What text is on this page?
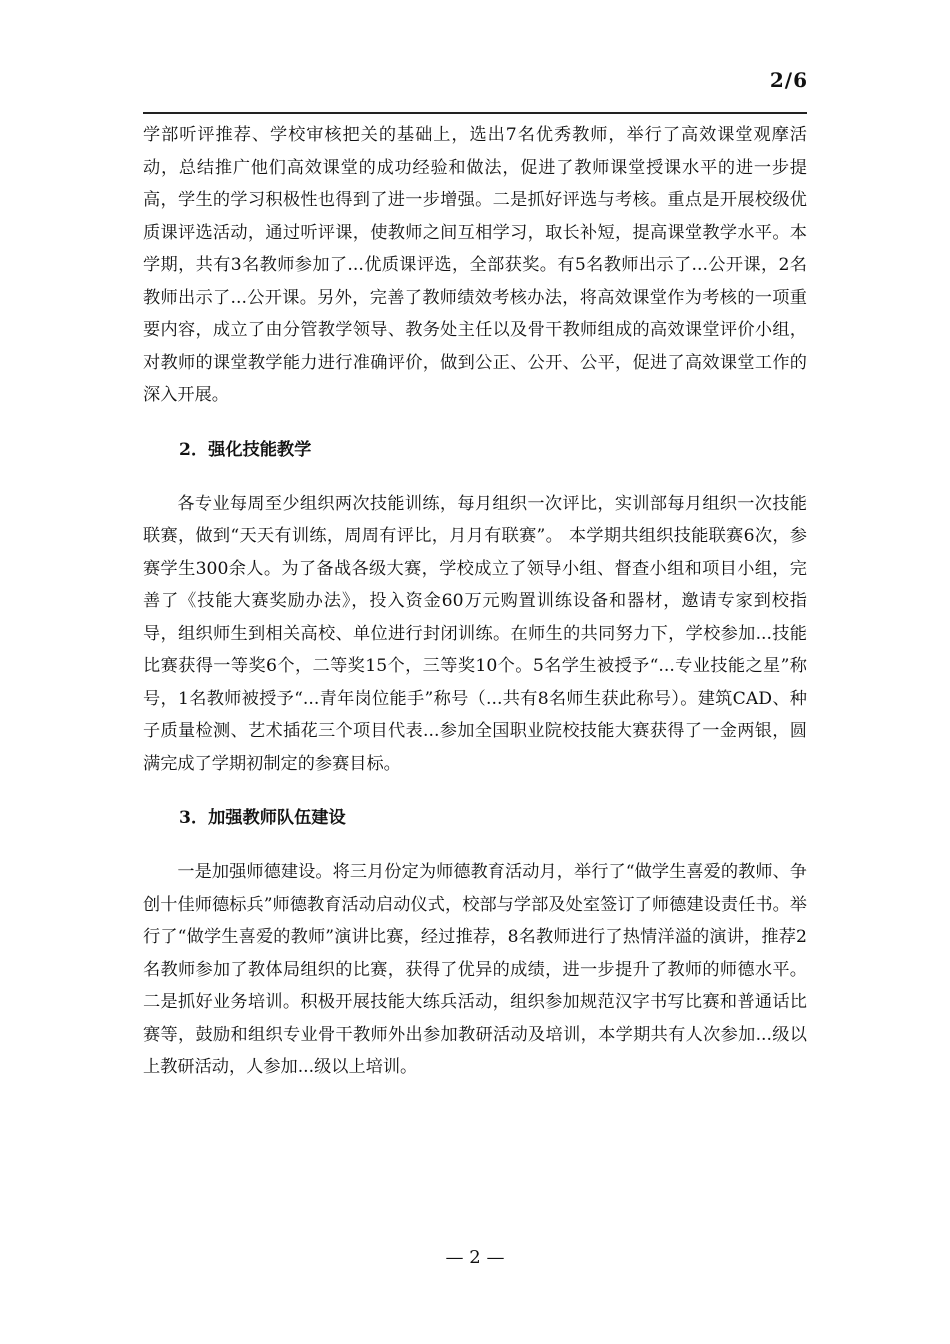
2/6

学部听评推荐、学校审核把关的基础上，选出7名优秀教师，举行了高效课堂观摩活动，总结推广他们高效课堂的成功经验和做法，促进了教师课堂授课水平的进一步提高，学生的学习积极性也得到了进一步增强。二是抓好评选与考核。重点是开展校级优质课评选活动，通过听评课，使教师之间互相学习，取长补短，提高课堂教学水平。本学期，共有3名教师参加了...优质课评选，全部获奖。有5名教师出示了...公开课，2名教师出示了...公开课。另外，完善了教师绩效考核办法，将高效课堂作为考核的一项重要内容，成立了由分管教学领导、教务处主任以及骨干教师组成的高效课堂评价小组，对教师的课堂教学能力进行准确评价，做到公正、公开、公平，促进了高效课堂工作的深入开展。

2．强化技能教学

各专业每周至少组织两次技能训练，每月组织一次评比，实训部每月组织一次技能联赛，做到“天天有训练，周周有评比，月月有联赛”。 本学期共组织技能联赛6次，参赛学生300余人。为了备战各级大赛，学校成立了领导小组、督查小组和项目小组，完善了《技能大赛奖励办法》，投入资金60万元购置训练设备和器材，邀请专家到校指导，组织师生到相关高校、单位进行封闭训练。在师生的共同努力下，学校参加...技能比赛获得一等奖6个，二等奖15个，三等奖10个。5名学生被授予“...专业技能之星”称号，1名教师被授予“...青年岗位能手”称号（...共有8名师生获此称号）。建筑CAD、种子质量检测、艺术插花三个项目代表...参加全国职业院校技能大赛获得了一金两银，圆满完成了学期初制定的参赛目标。

3．加强教师队伍建设

一是加强师德建设。将三月份定为师德教育活动月，举行了“做学生喜爱的教师、争创十佳师德标兵”师德教育活动启动仪式，校部与学部及处室签订了师德建设责任书。举行了“做学生喜爱的教师”演讲比赛，经过推荐，8名教师进行了热情洋溢的演讲，推荐2名教师参加了教体局组织的比赛，获得了优异的成绩，进一步提升了教师的师德水平。二是抓好业务培训。积极开展技能大练兵活动，组织参加规范汉字书写比赛和普通话比赛等，鼓励和组织专业骨干教师外出参加教研活动及培训，本学期共有人次参加...级以上教研活动，人参加...级以上培训。

— 2 —
